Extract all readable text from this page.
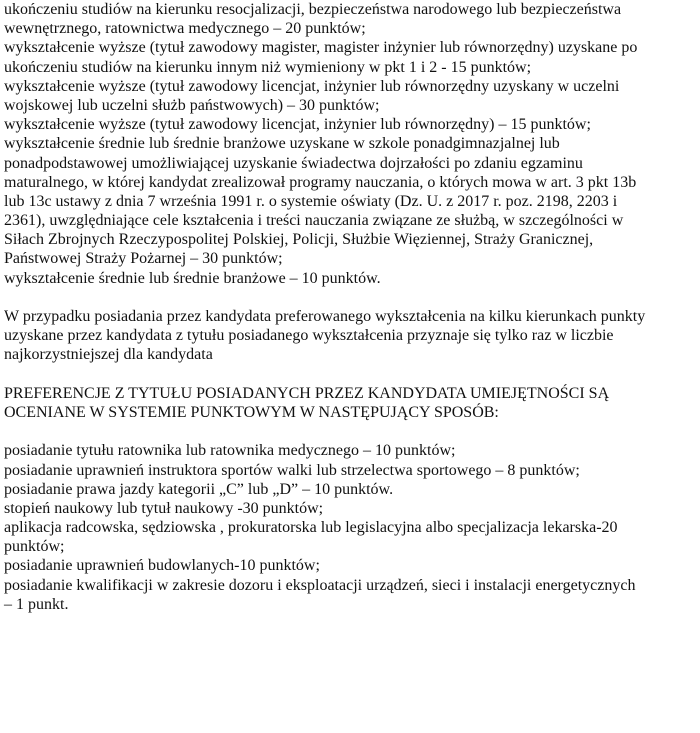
ukończeniu studiów na kierunku resocjalizacji, bezpieczeństwa narodowego lub bezpieczeństwa
wewnętrznego, ratownictwa medycznego – 20 punktów;
wykształcenie wyższe (tytuł zawodowy magister, magister inżynier lub równorzędny) uzyskane po
ukończeniu studiów na kierunku innym niż wymieniony w pkt 1 i 2 - 15 punktów;
wykształcenie wyższe (tytuł zawodowy licencjat, inżynier lub równorzędny uzyskany w uczelni
wojskowej lub uczelni służb państwowych) – 30 punktów;
wykształcenie wyższe (tytuł zawodowy licencjat, inżynier lub równorzędny) – 15 punktów;
wykształcenie średnie lub średnie branżowe uzyskane w szkole ponadgimnazjalnej lub
ponadpodstawowej umożliwiającej uzyskanie świadectwa dojrzałości po zdaniu egzaminu
maturalnego, w której kandydat zrealizował programy nauczania, o których mowa w art. 3 pkt 13b
lub 13c ustawy z dnia 7 września 1991 r. o systemie oświaty (Dz. U. z 2017 r. poz. 2198, 2203 i
2361), uwzględniające cele kształcenia i treści nauczania związane ze służbą, w szczególności w
Siłach Zbrojnych Rzeczypospolitej Polskiej, Policji, Służbie Więziennej, Straży Granicznej,
Państwowej Straży Pożarnej – 30 punktów;
wykształcenie średnie lub średnie branżowe – 10 punktów.
W przypadku posiadania przez kandydata preferowanego wykształcenia na kilku kierunkach punkty
uzyskane przez kandydata z tytułu posiadanego wykształcenia przyznaje się tylko raz w liczbie
najkorzystniejszej dla kandydata
PREFERENCJE Z TYTUŁU POSIADANYCH PRZEZ KANDYDATA UMIEJĘTNOŚCI SĄ
OCENIANE W SYSTEMIE PUNKTOWYM W NASTĘPUJĄCY SPOSÓB:
posiadanie tytułu ratownika lub ratownika medycznego – 10 punktów;
posiadanie uprawnień instruktora sportów walki lub strzelectwa sportowego – 8 punktów;
posiadanie prawa jazdy kategorii „C” lub „D” – 10 punktów.
stopień naukowy lub tytuł naukowy -30 punktów;
aplikacja radcowska, sędziowska , prokuratorska lub legislacyjna albo specjalizacja lekarska-20
punktów;
posiadanie uprawnień budowlanych-10 punktów;
posiadanie kwalifikacji w zakresie dozoru i eksploatacji urządzeń, sieci i instalacji energetycznych
– 1 punkt.
